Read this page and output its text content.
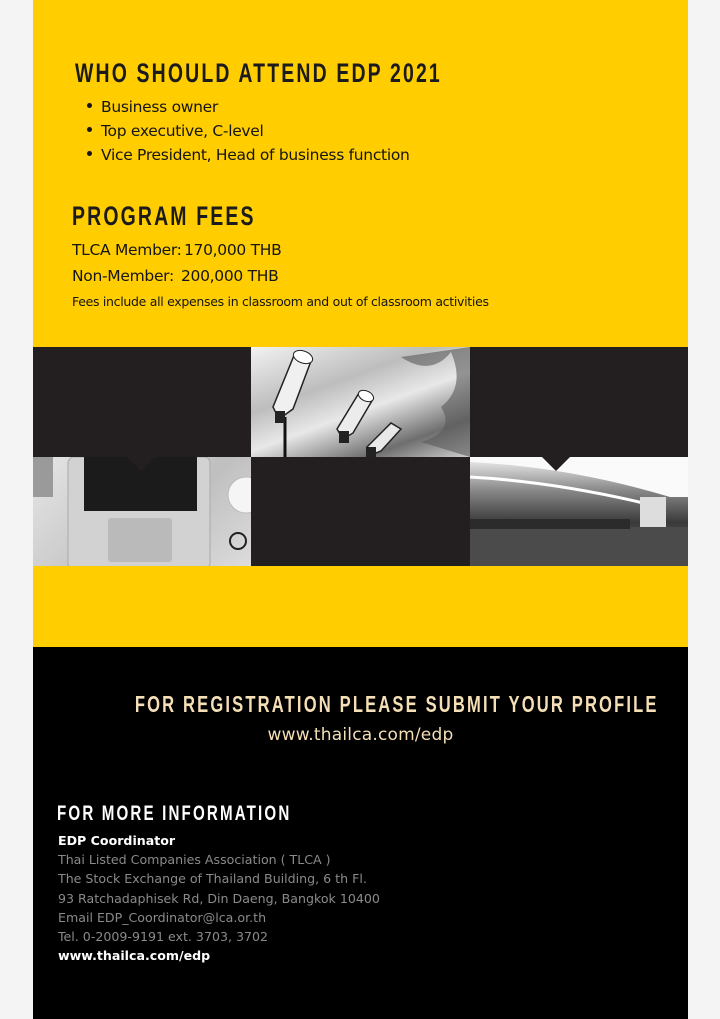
WHO SHOULD ATTEND EDP 2021
Business owner
Top executive, C-level
Vice President, Head of business function
PROGRAM FEES
TLCA Member: 170,000 THB
Non-Member: 200,000 THB
Fees include all expenses in classroom and out of classroom activities
FOR REGISTRATION PLEASE SUBMIT YOUR PROFILE
www.thailca.com/edp
FOR MORE INFORMATION
EDP Coordinator
Thai Listed Companies Association ( TLCA )
The Stock Exchange of Thailand Building, 6 th Fl.
93 Ratchadaphisek Rd, Din Daeng, Bangkok 10400
Email EDP_Coordinator@lca.or.th
Tel. 0-2009-9191 ext. 3703, 3702
www.thailca.com/edp
